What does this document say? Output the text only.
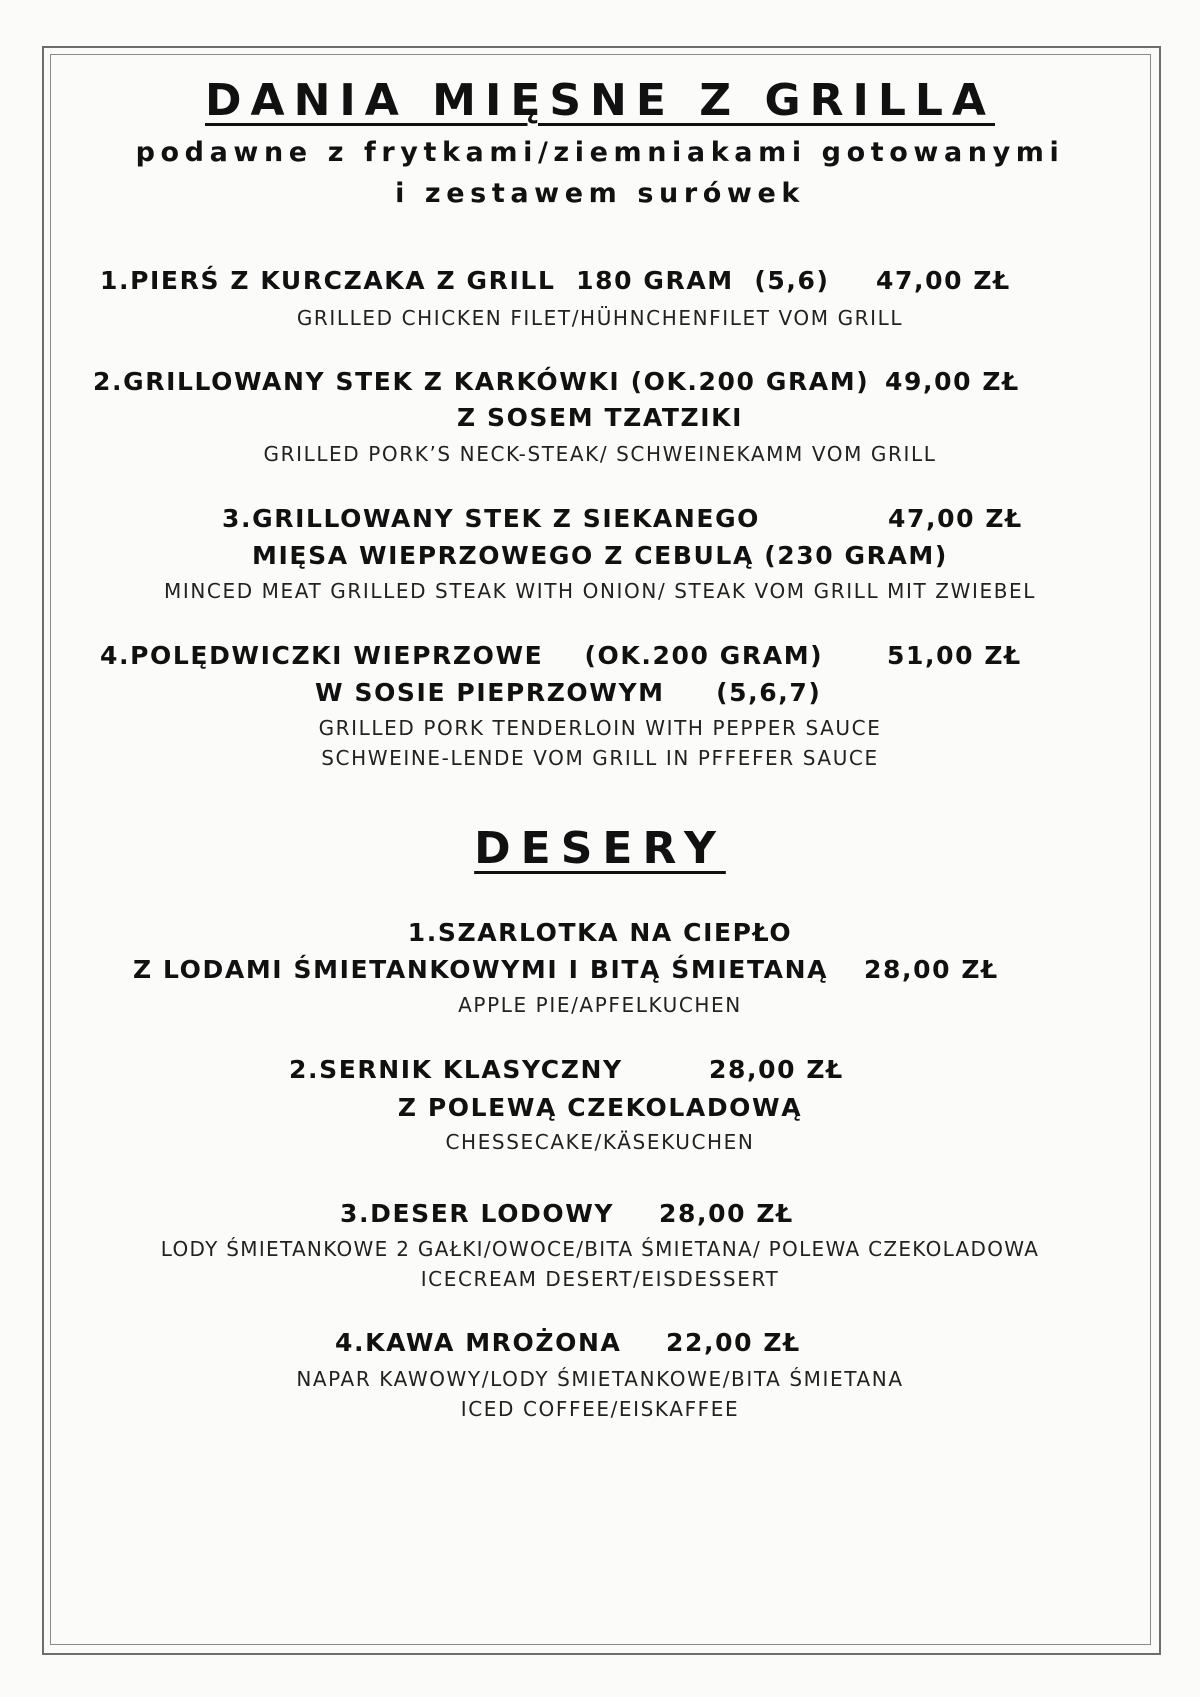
DANIA MIĘSNE Z GRILLA

podawne z frytkami/ziemniakami gotowanymi

i zestawem surówek

1.PIERŚ Z KURCZAKA Z GRILL  180 GRAM  (5,6) 47,00 ZŁ

GRILLED CHICKEN FILET/HÜHNCHENFILET VOM GRILL

2.GRILLOWANY STEK Z KARKÓWKI (OK.200 GRAM) 49,00 ZŁ

Z SOSEM TZATZIKI

GRILLED PORK’S NECK-STEAK/ SCHWEINEKAMM VOM GRILL

3.GRILLOWANY STEK Z SIEKANEGO	47,00 ZŁ

MIĘSA WIEPRZOWEGO Z CEBULĄ (230 GRAM)

MINCED MEAT GRILLED STEAK WITH ONION/ STEAK VOM GRILL MIT ZWIEBEL

4.POLĘDWICZKI WIEPRZOWE    (OK.200 GRAM)	51,00 ZŁ

W SOSIE PIEPRZOWYM     (5,6,7)

GRILLED PORK TENDERLOIN WITH PEPPER SAUCE

SCHWEINE-LENDE VOM GRILL IN PFFEFER SAUCE

DESERY

1.SZARLOTKA NA CIEPŁO

Z LODAMI ŚMIETANKOWYMI I BITĄ ŚMIETANĄ 28,00 ZŁ

APPLE PIE/APFELKUCHEN

2.SERNIK KLASYCZNY	28,00 ZŁ

Z POLEWĄ CZEKOLADOWĄ

CHESSECAKE/KÄSEKUCHEN

3.DESER LODOWY 28,00 ZŁ

LODY ŚMIETANKOWE 2 GAŁKI/OWOCE/BITA ŚMIETANA/ POLEWA CZEKOLADOWA

ICECREAM DESERT/EISDESSERT

4.KAWA MROŻONA 22,00 ZŁ

NAPAR KAWOWY/LODY ŚMIETANKOWE/BITA ŚMIETANA

ICED COFFEE/EISKAFFEE
